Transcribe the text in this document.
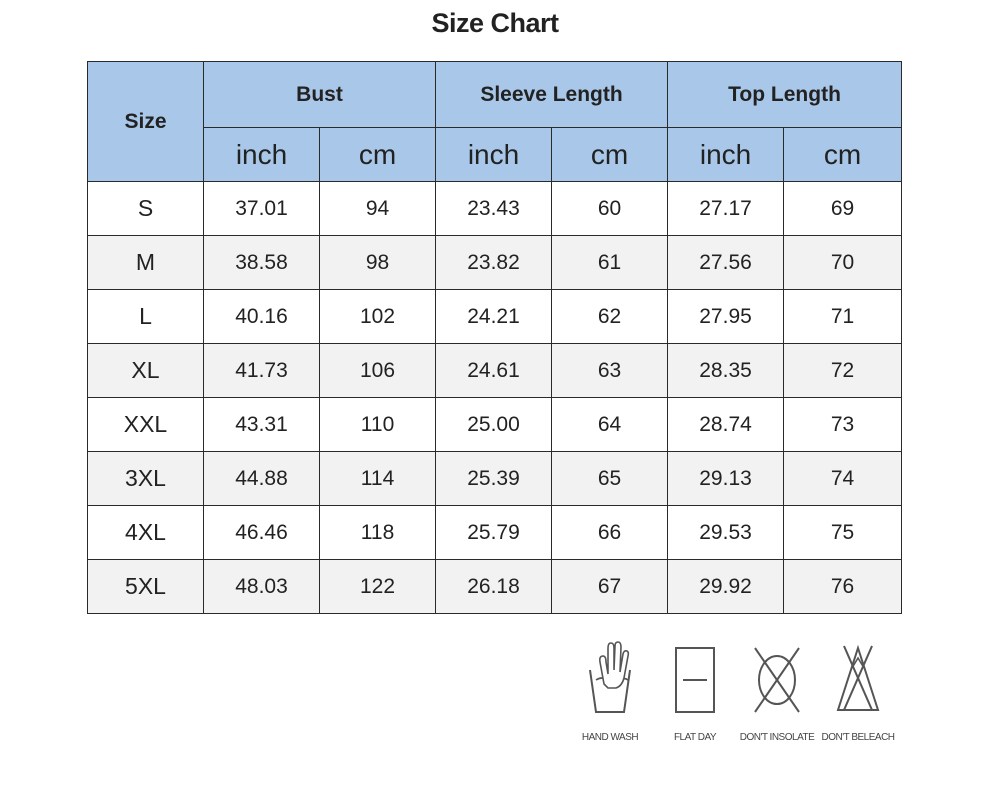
Size Chart
Size	Bust		Sleeve Length		Top Length	
	inch	cm	inch	cm	inch	cm
S	37.01	94	23.43	60	27.17	69
M	38.58	98	23.82	61	27.56	70
L	40.16	102	24.21	62	27.95	71
XL	41.73	106	24.61	63	28.35	72
XXL	43.31	110	25.00	64	28.74	73
3XL	44.88	114	25.39	65	29.13	74
4XL	46.46	118	25.79	66	29.53	75
5XL	48.03	122	26.18	67	29.92	76
HAND WASH	FLAT DAY	DON'T INSOLATE DON'T BELEACH
